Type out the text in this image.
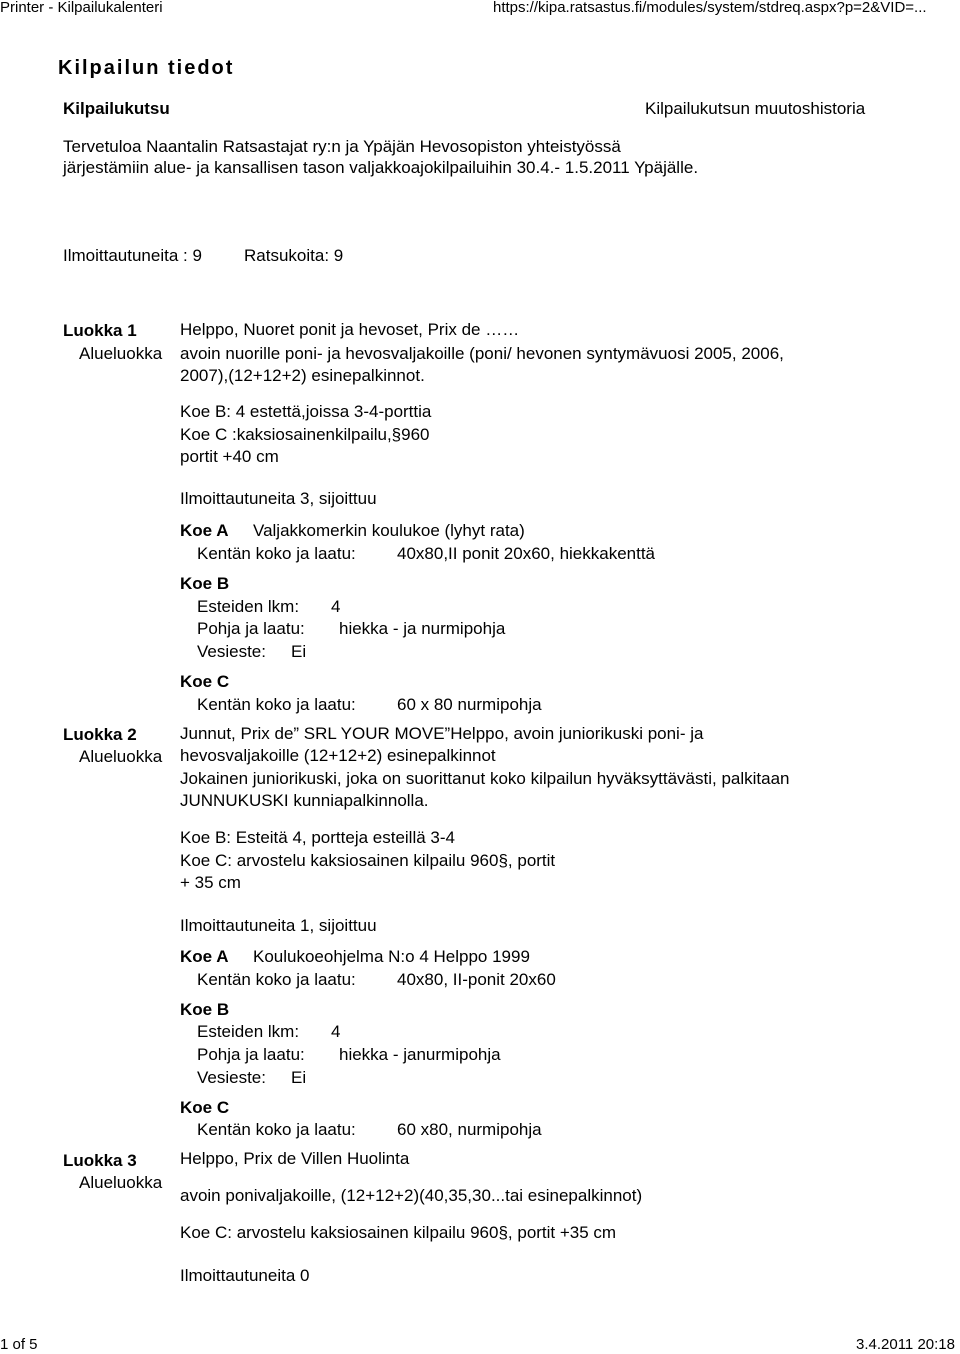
Printer - Kilpailukalenteri	https://kipa.ratsastus.fi/modules/system/stdreq.aspx?p=2&VID=...
Kilpailun tiedot
Kilpailukutsu	Kilpailukutsun muutoshistoria
Tervetuloa Naantalin Ratsastajat ry:n ja Ypäjän Hevosopiston yhteistyössä
järjestämiin alue- ja kansallisen tason valjakkoajokilpailuihin 30.4.- 1.5.2011 Ypäjälle.
Ilmoittautuneita : 9 Ratsukoita: 9
Luokka 1	Helppo, Nuoret ponit ja hevoset, Prix de ……
Alueluokka avoin nuorille poni- ja hevosvaljakoille (poni/ hevonen syntymävuosi 2005, 2006,
2007),(12+12+2) esinepalkinnot.
Koe B: 4 estettä,joissa 3-4-porttia
Koe C :kaksiosainenkilpailu,§960
portit +40 cm
Ilmoittautuneita 3, sijoittuu
Koe A Valjakkomerkin koulukoe (lyhyt rata)
Kentän koko ja laatu: 40x80,II ponit 20x60, hiekkakenttä
Koe B
Esteiden lkm: 4
Pohja ja laatu: hiekka - ja nurmipohja
Vesieste: Ei
Koe C
Kentän koko ja laatu: 60 x 80 nurmipohja
Luokka 2	Junnut, Prix de” SRL YOUR MOVE”Helppo, avoin juniorikuski poni- ja
Alueluokka hevosvaljakoille (12+12+2) esinepalkinnot
Jokainen juniorikuski, joka on suorittanut koko kilpailun hyväksyttävästi, palkitaan
JUNNUKUSKI kunniapalkinnolla.
Koe B: Esteitä 4, portteja esteillä 3-4
Koe C: arvostelu kaksiosainen kilpailu 960§, portit
+ 35 cm
Ilmoittautuneita 1, sijoittuu
Koe A Koulukoeohjelma N:o 4 Helppo 1999
Kentän koko ja laatu: 40x80, II-ponit 20x60
Koe B
Esteiden lkm: 4
Pohja ja laatu: hiekka - janurmipohja
Vesieste: Ei
Koe C
Kentän koko ja laatu: 60 x80, nurmipohja
Luokka 3	Helppo, Prix de Villen Huolinta
Alueluokka
avoin ponivaljakoille, (12+12+2)(40,35,30...tai esinepalkinnot)
Koe C: arvostelu kaksiosainen kilpailu 960§, portit +35 cm
Ilmoittautuneita 0
1 of 5	3.4.2011 20:18
